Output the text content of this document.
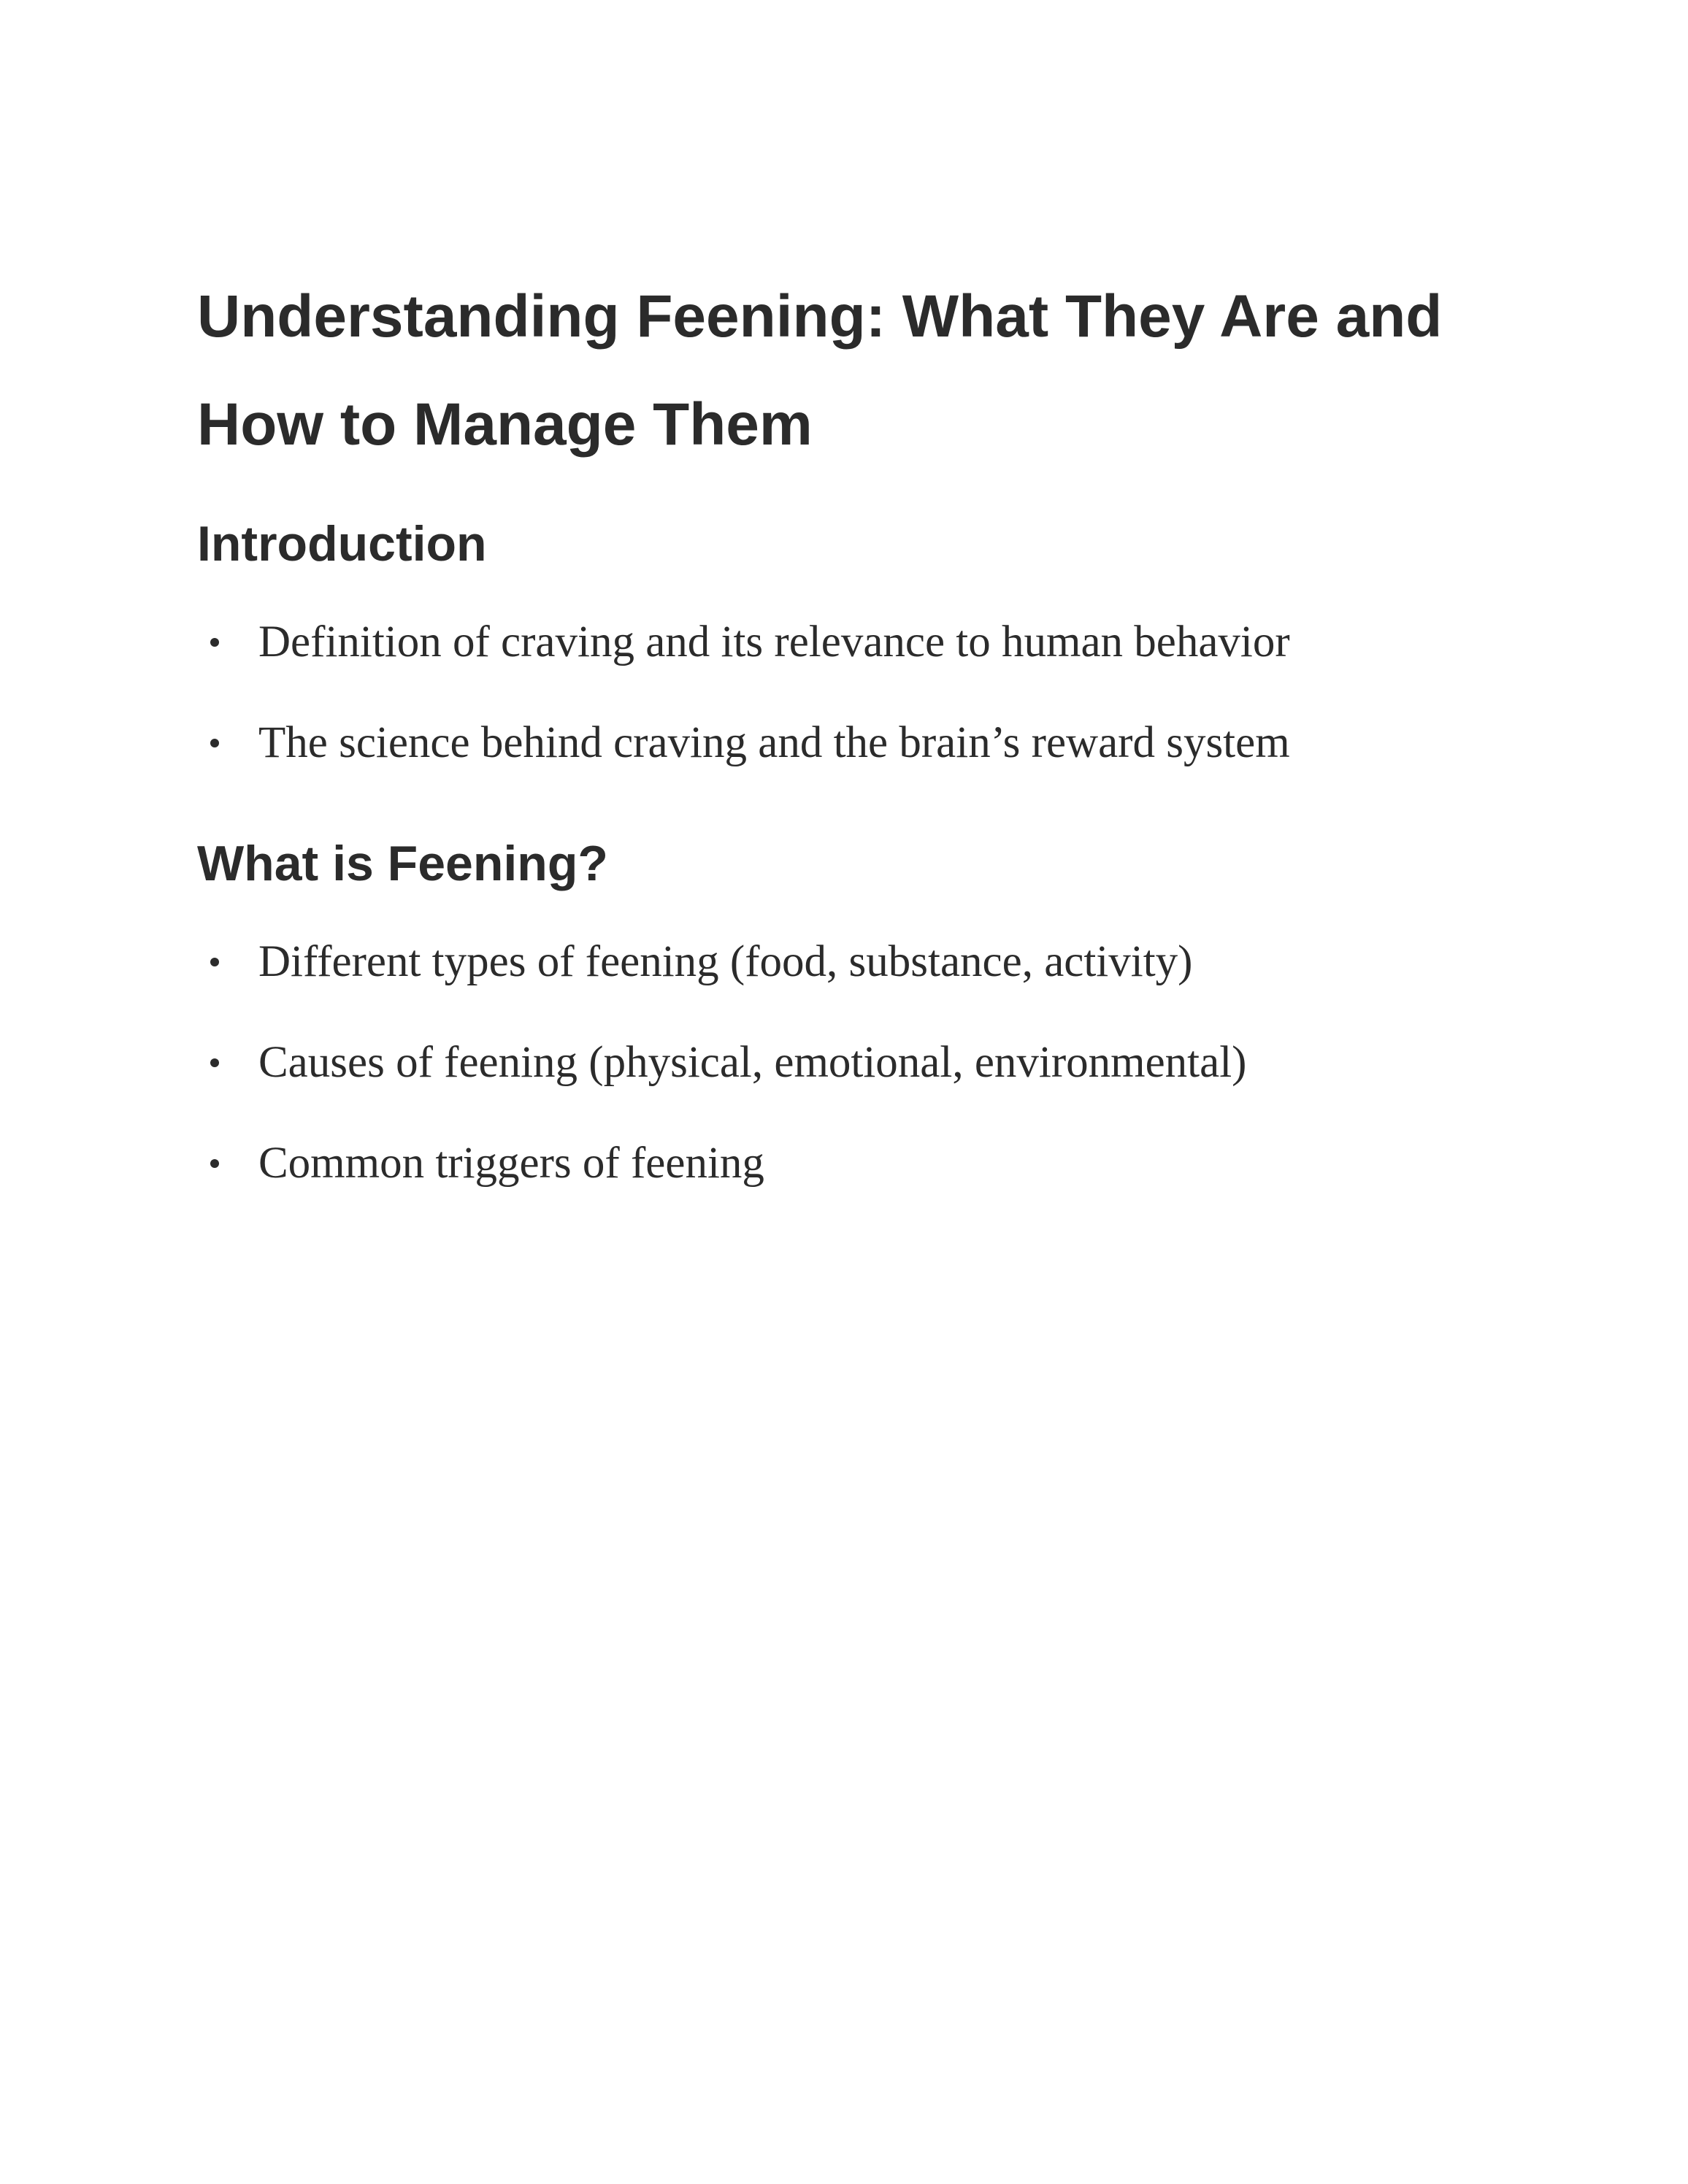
Understanding Feening: What They Are and How to Manage Them
Introduction
Definition of craving and its relevance to human behavior
The science behind craving and the brain’s reward system
What is Feening?
Different types of feening (food, substance, activity)
Causes of feening (physical, emotional, environmental)
Common triggers of feening
